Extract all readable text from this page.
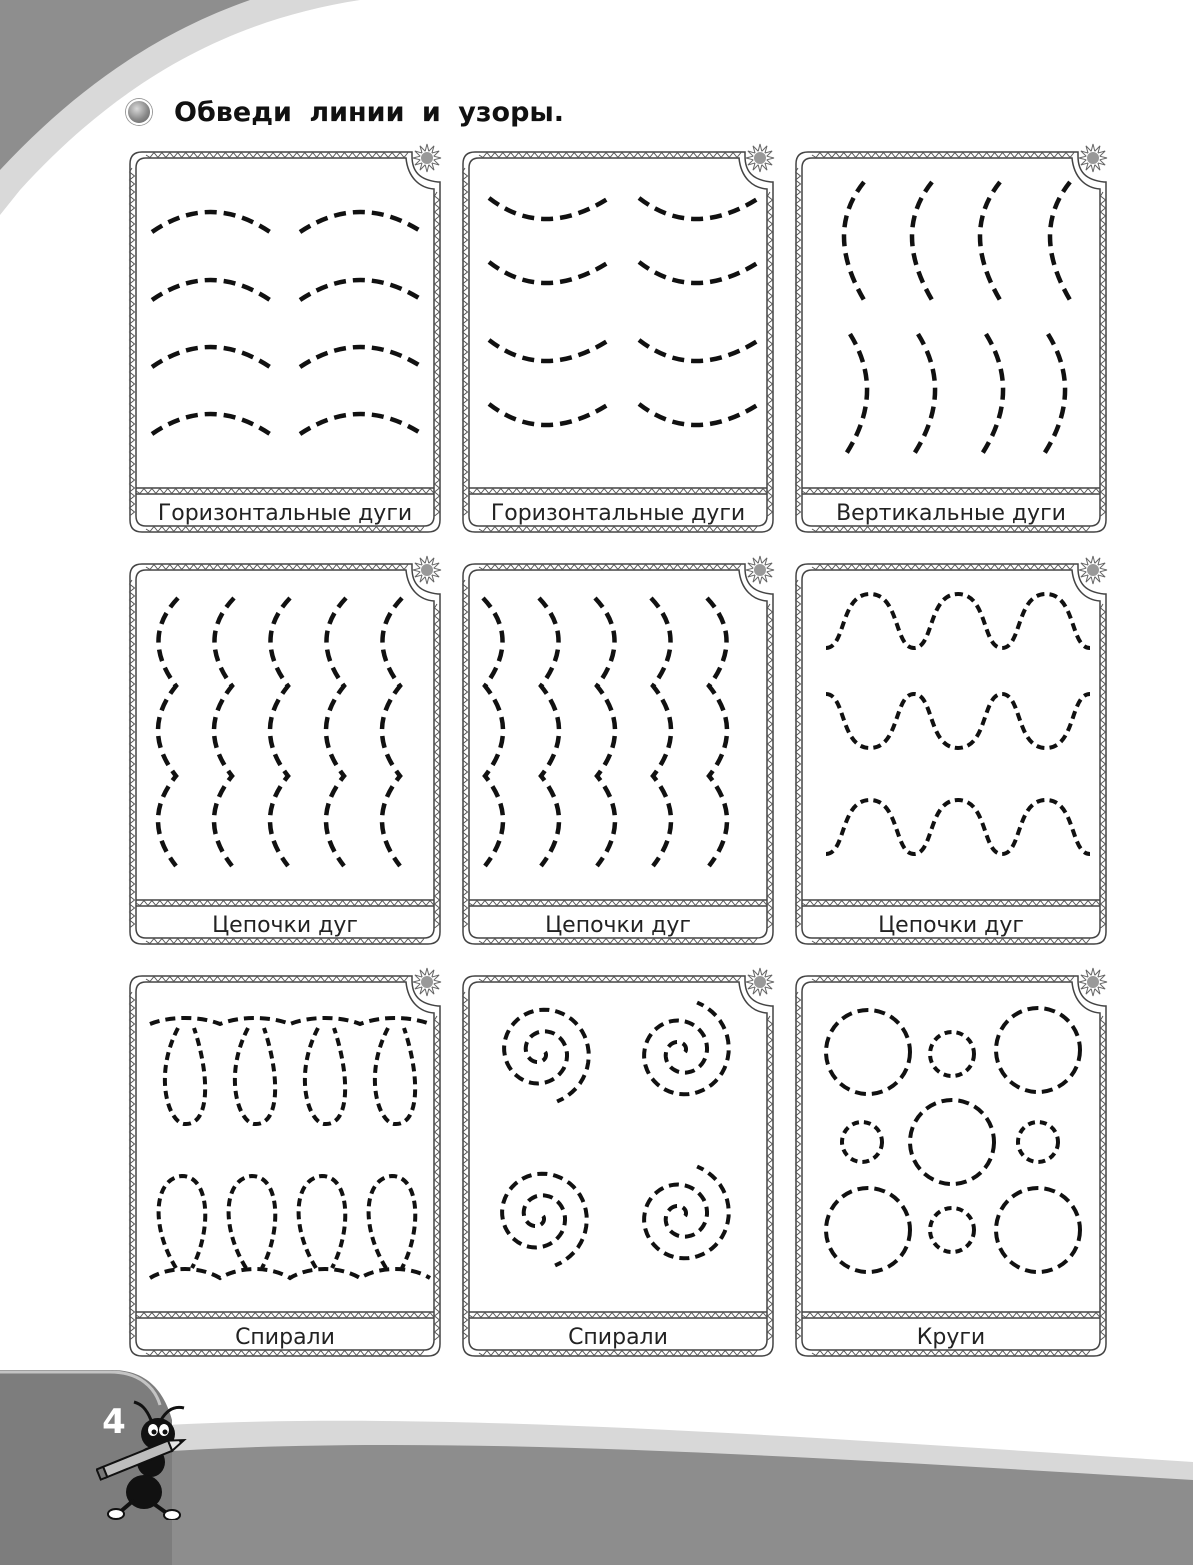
Обведи линии и узоры.
Горизонтальные дуги	Горизонтальные дуги	Вертикальные дуги
Цепочки дуг	Цепочки дуг	Цепочки дуг
Спирали	Спирали	Круги
4
